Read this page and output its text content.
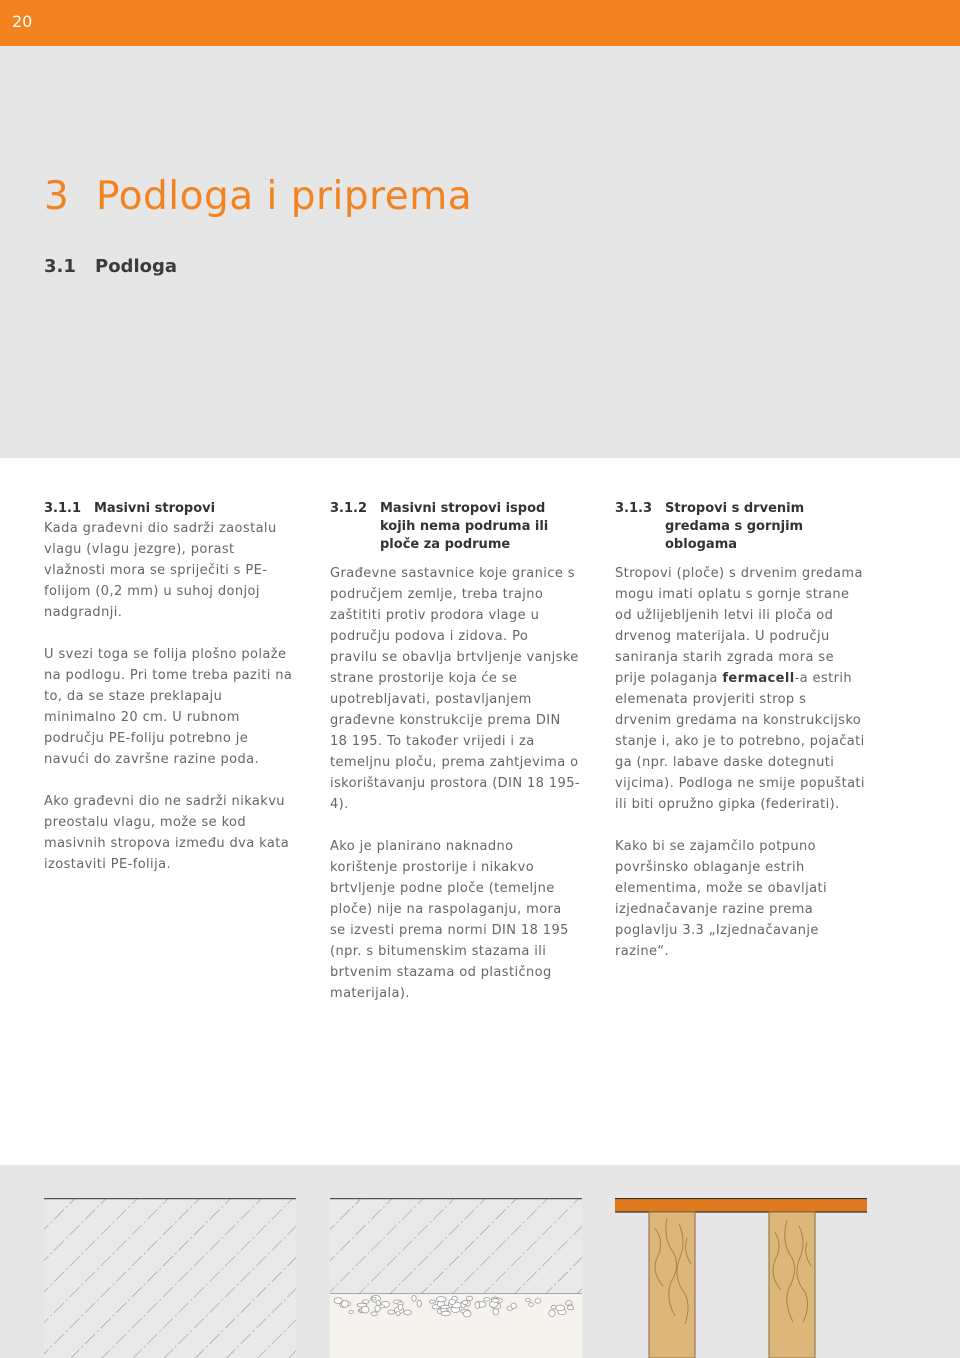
20
3 Podloga i priprema
3.1 Podloga
3.1.1 Masivni stropovi

Kada građevni dio sadrži zaostalu vlagu (vlagu jezgre), porast vlažnosti mora se spriječiti s PE-folijom (0,2 mm) u suhoj donjoj nadgradnji.

U svezi toga se folija plošno polaže na podlogu. Pri tome treba paziti na to, da se staze preklapaju minimalno 20 cm. U rubnom području PE-foliju potrebno je navući do završne razine poda.

Ako građevni dio ne sadrži nikakvu preostalu vlagu, može se kod masivnih stropova između dva kata izostaviti PE-folija.

3.1.2 Masivni stropovi ispod kojih nema podruma ili ploče za podrume

Građevne sastavnice koje granice s područjem zemlje, treba trajno zaštititi protiv prodora vlage u području podova i zidova. Po pravilu se obavlja brtvljenje vanjske strane prostorije koja će se upotrebljavati, postavljanjem građevne konstrukcije prema DIN 18 195. To također vrijedi i za temeljnu ploču, prema zahtjevima o iskorištavanju prostora (DIN 18 195-4).

Ako je planirano naknadno korištenje prostorije i nikakvo brtvljenje podne ploče (temeljne ploče) nije na raspolaganju, mora se izvesti prema normi DIN 18 195 (npr. s bitumenskim stazama ili brtvenim stazama od plastičnog materijala).

3.1.3 Stropovi s drvenim gredama s gornjim oblogama

Stropovi (ploče) s drvenim gredama mogu imati oplatu s gornje strane od užlijebljenih letvi ili ploča od drvenog materijala. U području saniranja starih zgrada mora se prije polaganja fermacell-a estrih elemenata provjeriti strop s drvenim gredama na konstrukcijsko stanje i, ako je to potrebno, pojačati ga (npr. labave daske dotegnuti vijcima). Podloga ne smije popuštati ili biti opružno gipka (federirati).

Kako bi se zajamčilo potpuno površinsko oblaganje estrih elementima, može se obavljati izjednačavanje razine prema poglavlju 3.3 „Izjednačavanje razine“.
